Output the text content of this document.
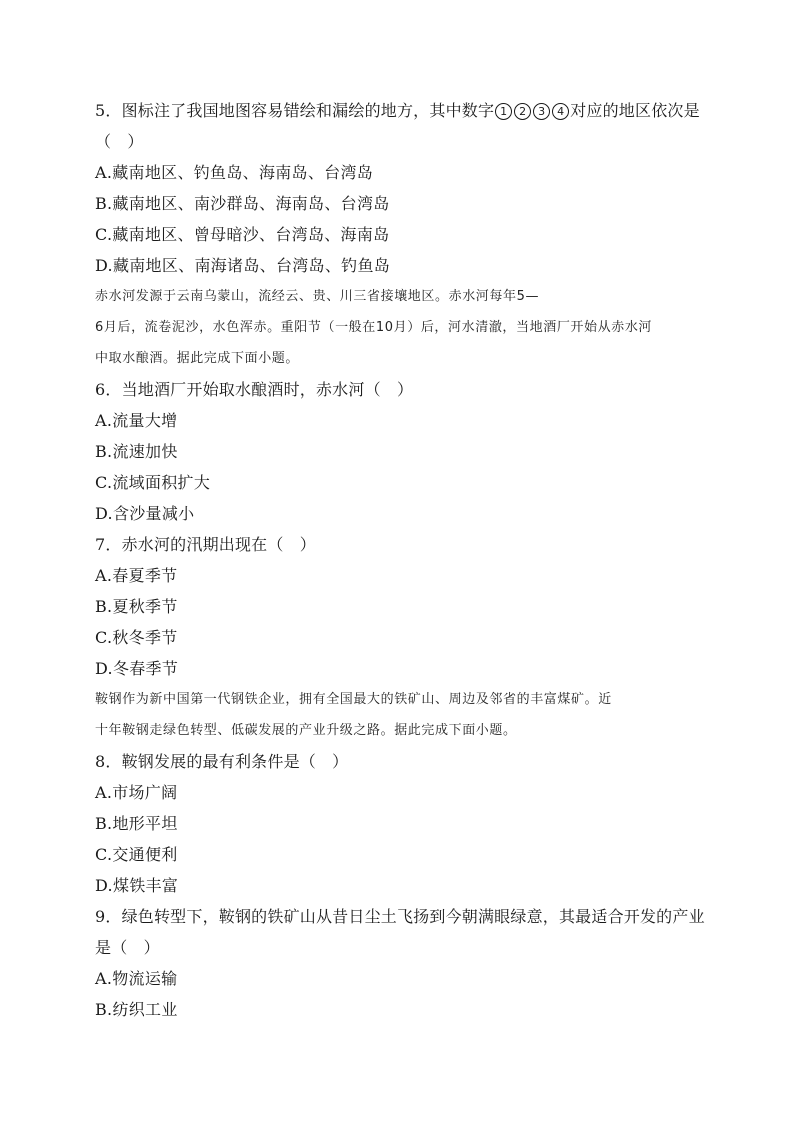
5．图标注了我国地图容易错绘和漏绘的地方，其中数字 1 2 3 4 对应的地区依次是

（　）

A.藏南地区、钓鱼岛、海南岛、台湾岛

B.藏南地区、南沙群岛、海南岛、台湾岛

C.藏南地区、曾母暗沙、台湾岛、海南岛

D.藏南地区、南海诸岛、台湾岛、钓鱼岛

赤水河发源于云南乌蒙山，流经云、贵、川三省接壤地区。赤水河每年5—

6月后，流卷泥沙，水色浑赤。重阳节（一般在10月）后，河水清澈，当地酒厂开始从赤水河

中取水酿酒。据此完成下面小题。

6．当地酒厂开始取水酿酒时，赤水河（　）

A.流量大增

B.流速加快

C.流域面积扩大

D.含沙量减小

7．赤水河的汛期出现在（　）

A.春夏季节

B.夏秋季节

C.秋冬季节

D.冬春季节

鞍钢作为新中国第一代钢铁企业，拥有全国最大的铁矿山、周边及邻省的丰富煤矿。近

十年鞍钢走绿色转型、低碳发展的产业升级之路。据此完成下面小题。

8．鞍钢发展的最有利条件是（　）

A.市场广阔

B.地形平坦

C.交通便利

D.煤铁丰富

9．绿色转型下，鞍钢的铁矿山从昔日尘土飞扬到今朝满眼绿意，其最适合开发的产业

是（　）

A.物流运输

B.纺织工业
